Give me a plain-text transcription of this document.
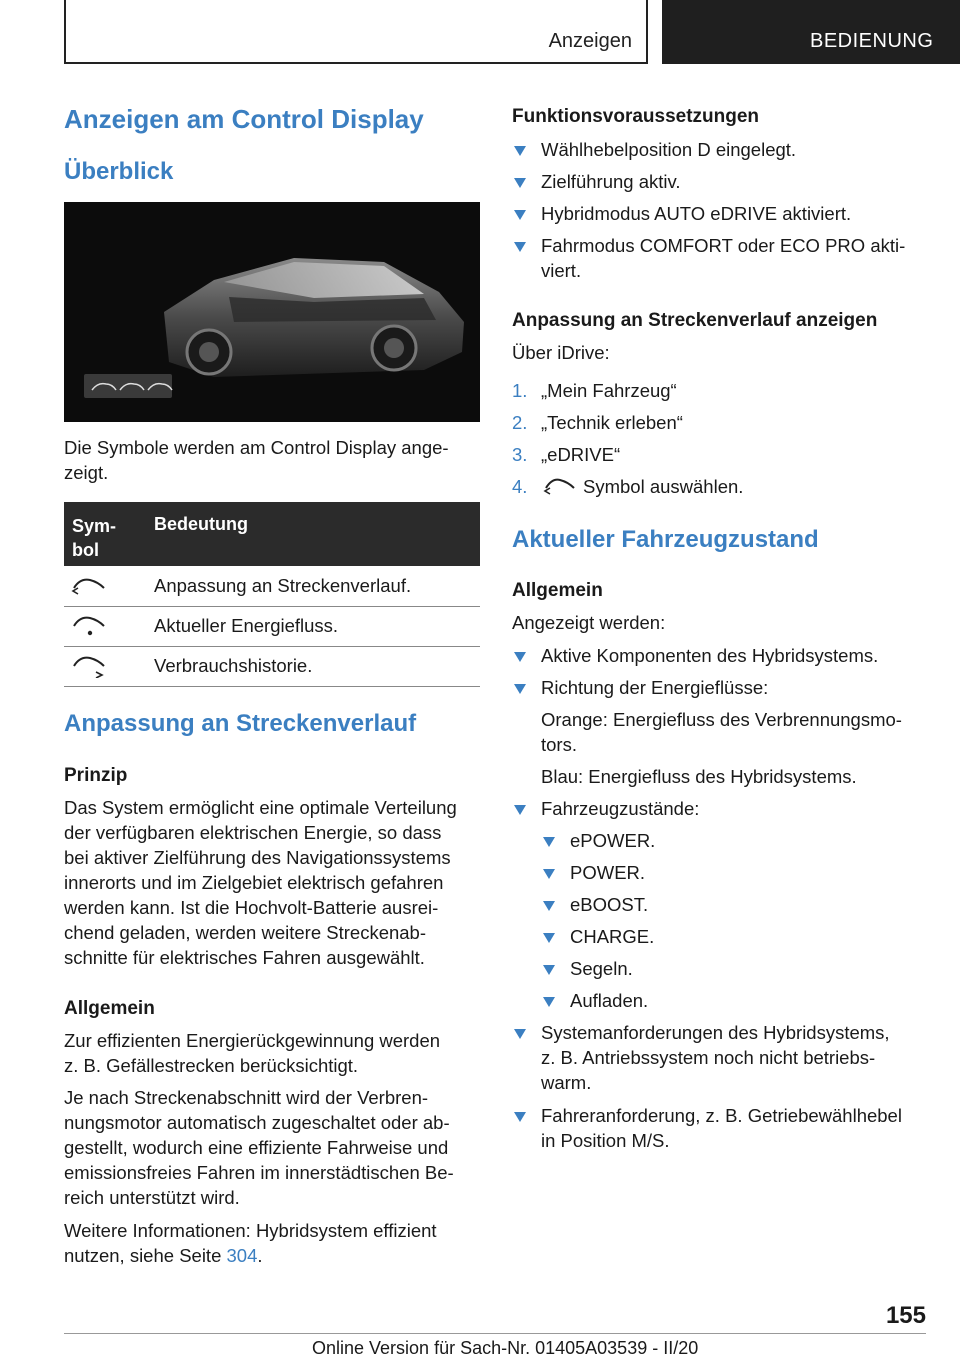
Anzeigen	BEDIENUNG
Anzeigen am Control Display
Überblick
Die Symbole werden am Control Display ange-
zeigt.
Sym-
bol
Bedeutung
Anpassung an Streckenverlauf.
Aktueller Energiefluss.
Verbrauchshistorie.
Anpassung an Streckenverlauf
Prinzip
Das System ermöglicht eine optimale Verteilung
der verfügbaren elektrischen Energie, so dass
bei aktiver Zielführung des Navigationssystems
innerorts und im Zielgebiet elektrisch gefahren
werden kann. Ist die Hochvolt-Batterie ausrei-
chend geladen, werden weitere Streckenab-
schnitte für elektrisches Fahren ausgewählt.
Allgemein
Zur effizienten Energierückgewinnung werden
z. B. Gefällestrecken berücksichtigt.
Je nach Streckenabschnitt wird der Verbren-
nungsmotor automatisch zugeschaltet oder ab-
gestellt, wodurch eine effiziente Fahrweise und
emissionsfreies Fahren im innerstädtischen Be-
reich unterstützt wird.
Weitere Informationen: Hybridsystem effizient
nutzen, siehe Seite 304.
Funktionsvoraussetzungen
Wählhebelposition D eingelegt.
Zielführung aktiv.
Hybridmodus AUTO eDRIVE aktiviert.
Fahrmodus COMFORT oder ECO PRO akti-
viert.
Anpassung an Streckenverlauf anzeigen
Über iDrive:
1. „Mein Fahrzeug“
2. „Technik erleben“
3. „eDRIVE“
4.	Symbol auswählen.
Aktueller Fahrzeugzustand
Allgemein
Angezeigt werden:
Aktive Komponenten des Hybridsystems.
Richtung der Energieflüsse:
Orange: Energiefluss des Verbrennungsmo-
tors.
Blau: Energiefluss des Hybridsystems.
Fahrzeugzustände:
ePOWER.
POWER.
eBOOST.
CHARGE.
Segeln.
Aufladen.
Systemanforderungen des Hybridsystems,
z. B. Antriebssystem noch nicht betriebs-
warm.
Fahreranforderung, z. B. Getriebewählhebel
in Position M/S.
155
Online Version für Sach-Nr. 01405A03539 - II/20
